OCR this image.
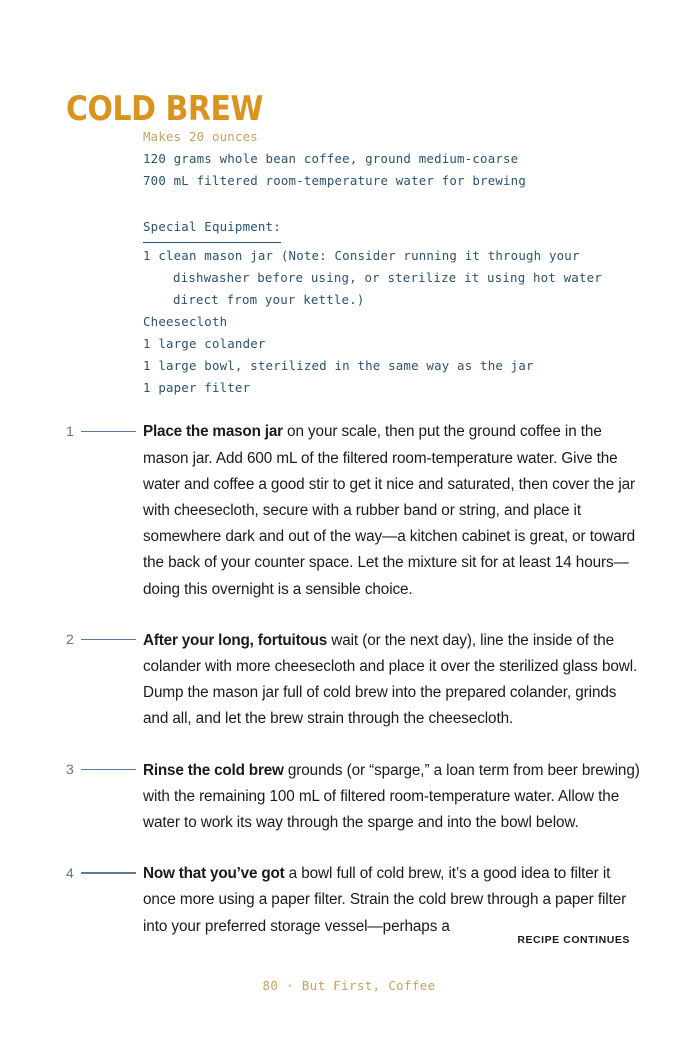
COLD BREW
Makes 20 ounces
120 grams whole bean coffee, ground medium-coarse
700 mL filtered room-temperature water for brewing
Special Equipment:
1 clean mason jar (Note: Consider running it through your dishwasher before using, or sterilize it using hot water direct from your kettle.)
Cheesecloth
1 large colander
1 large bowl, sterilized in the same way as the jar
1 paper filter
1	Place the mason jar on your scale, then put the ground coffee in the mason jar. Add 600 mL of the filtered room-temperature water. Give the water and coffee a good stir to get it nice and saturated, then cover the jar with cheesecloth, secure with a rubber band or string, and place it somewhere dark and out of the way—a kitchen cabinet is great, or toward the back of your counter space. Let the mixture sit for at least 14 hours—doing this overnight is a sensible choice.

2	After your long, fortuitous wait (or the next day), line the inside of the colander with more cheesecloth and place it over the sterilized glass bowl. Dump the mason jar full of cold brew into the prepared colander, grinds and all, and let the brew strain through the cheesecloth.

3	Rinse the cold brew grounds (or “sparge,” a loan term from beer brewing) with the remaining 100 mL of filtered room-temperature water. Allow the water to work its way through the sparge and into the bowl below.

4	Now that you’ve got a bowl full of cold brew, it’s a good idea to filter it once more using a paper filter. Strain the cold brew through a paper filter into your preferred storage vessel—perhaps a

RECIPE CONTINUES
80 · But First, Coffee
